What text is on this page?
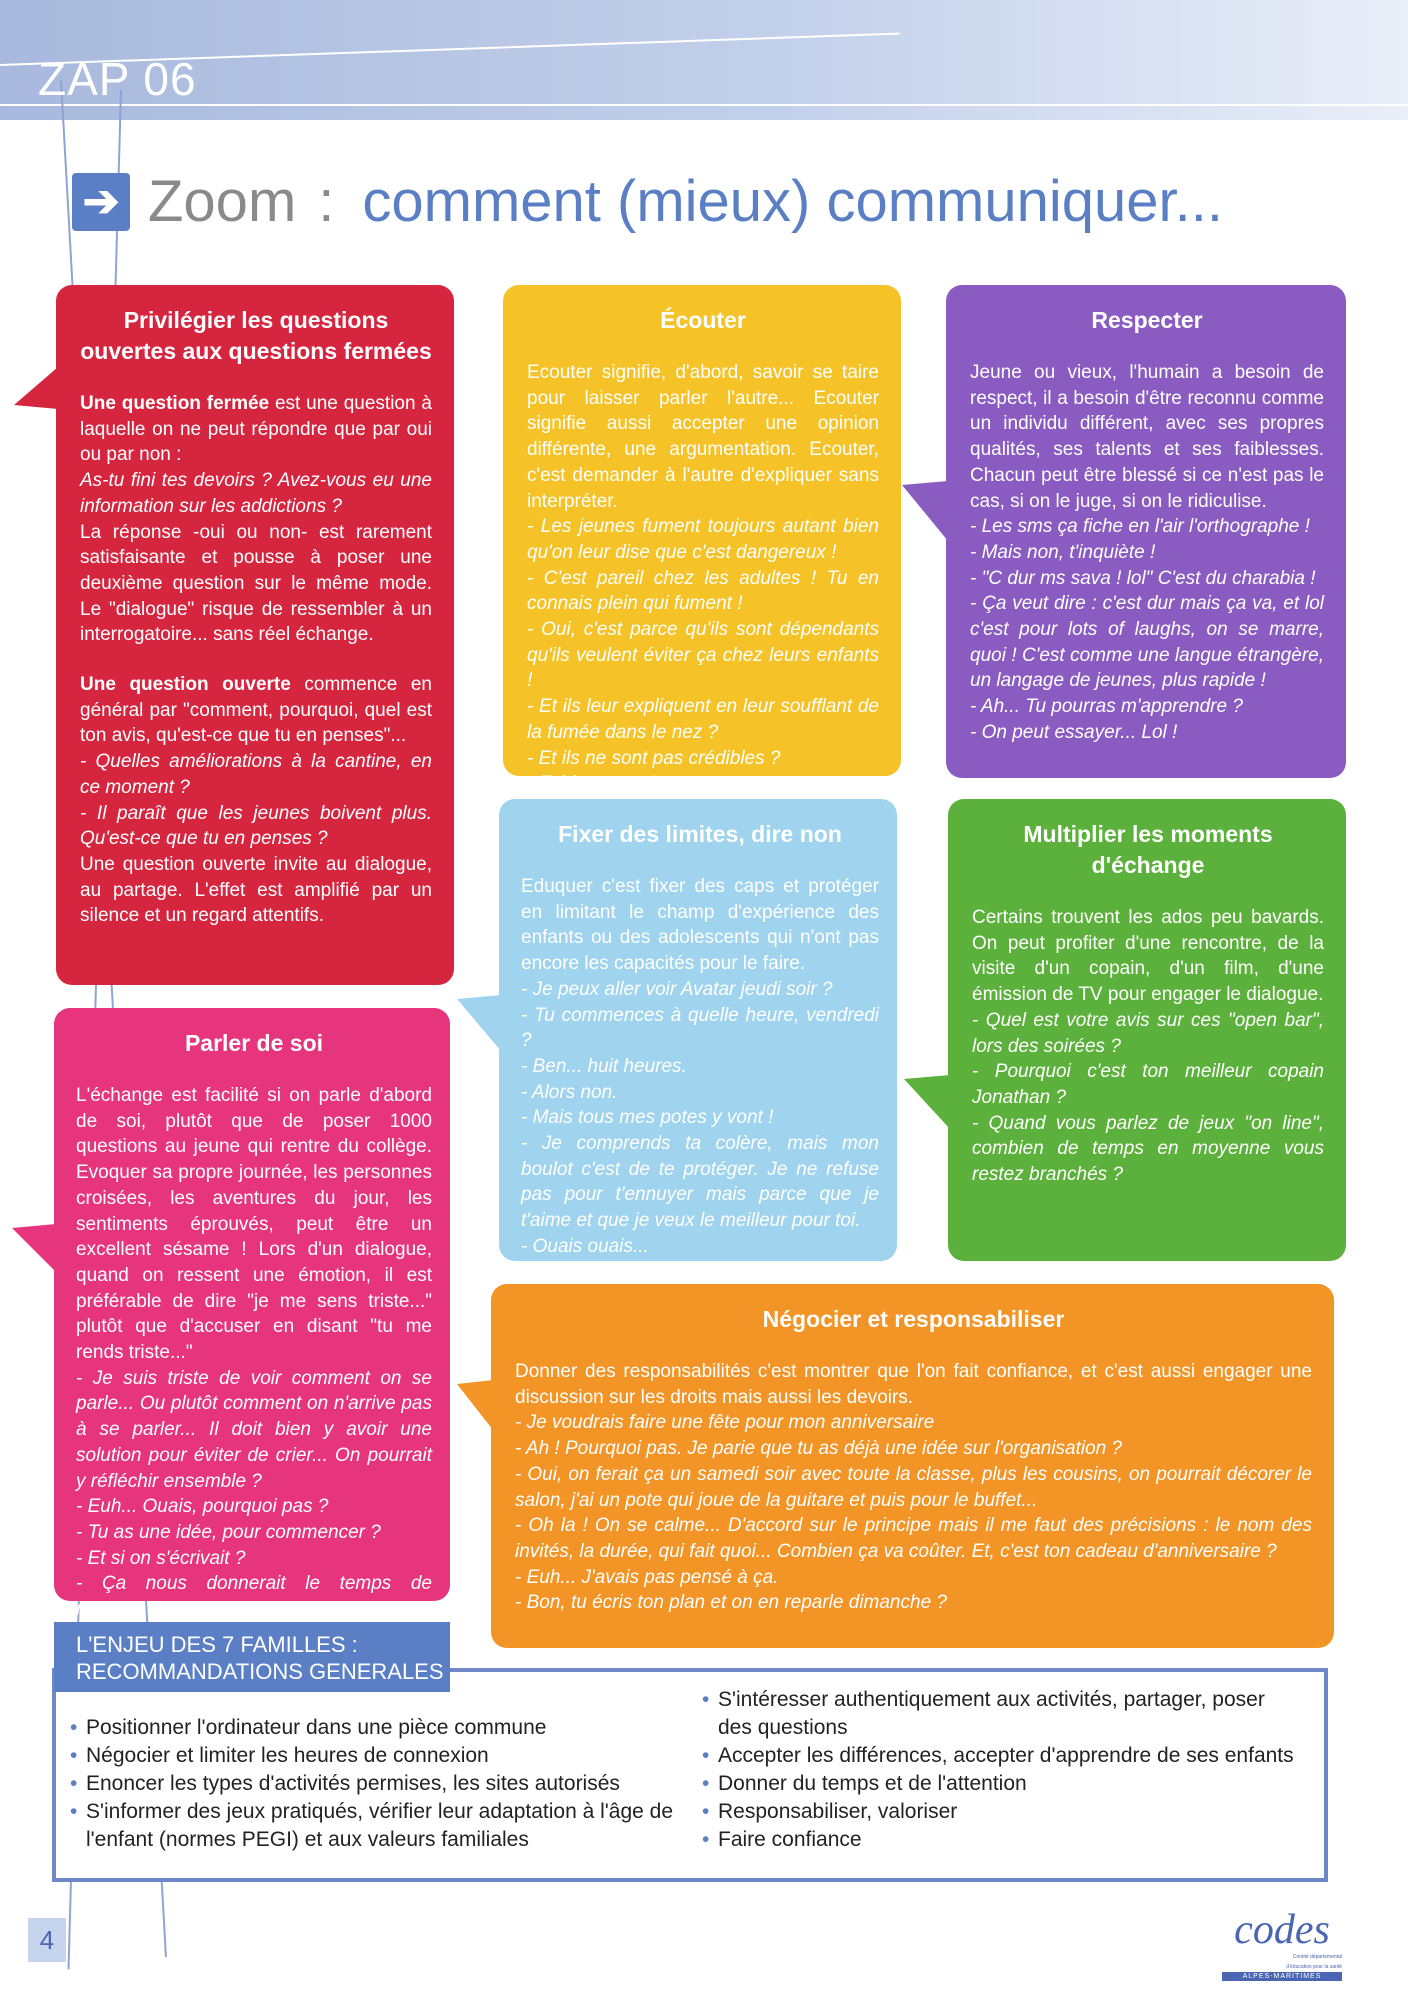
ZAP 06
➔ Zoom : comment (mieux) communiquer...
Privilégier les questions ouvertes aux questions fermées

Une question fermée est une question à laquelle on ne peut répondre que par oui ou par non :

As-tu fini tes devoirs ? Avez-vous eu une information sur les addictions ?

La réponse -oui ou non- est rarement satisfaisante et pousse à poser une deuxième question sur le même mode. Le "dialogue" risque de ressembler à un interrogatoire... sans réel échange.

Une question ouverte commence en général par "comment, pourquoi, quel est ton avis, qu'est-ce que tu en penses"...

- Quelles améliorations à la cantine, en ce moment ?

- Il paraît que les jeunes boivent plus. Qu'est-ce que tu en penses ?

Une question ouverte invite au dialogue, au partage. L'effet est amplifié par un silence et un regard attentifs.

Écouter

Ecouter signifie, d'abord, savoir se taire pour laisser parler l'autre... Ecouter signifie aussi accepter une opinion différente, une argumentation. Ecouter, c'est demander à l'autre d'expliquer sans interpréter.

- Les jeunes fument toujours autant bien qu'on leur dise que c'est dangereux !

- C'est pareil chez les adultes ! Tu en connais plein qui fument !

- Oui, c'est parce qu'ils sont dépendants qu'ils veulent éviter ça chez leurs enfants !

- Et ils leur expliquent en leur soufflant de la fumée dans le nez ?

- Et ils ne sont pas crédibles ?

- Evidemment !

Respecter

Jeune ou vieux, l'humain a besoin de respect, il a besoin d'être reconnu comme un individu différent, avec ses propres qualités, ses talents et ses faiblesses. Chacun peut être blessé si ce n'est pas le cas, si on le juge, si on le ridiculise.

- Les sms ça fiche en l'air l'orthographe !

- Mais non, t'inquiète !

- "C dur ms sava ! lol" C'est du charabia !

- Ça veut dire : c'est dur mais ça va, et lol c'est pour lots of laughs, on se marre, quoi ! C'est comme une langue étrangère, un langage de jeunes, plus rapide !

- Ah... Tu pourras m'apprendre ?

- On peut essayer... Lol !

Fixer des limites, dire non

Eduquer c'est fixer des caps et protéger en limitant le champ d'expérience des enfants ou des adolescents qui n'ont pas encore les capacités pour le faire.

- Je peux aller voir Avatar jeudi soir ?

- Tu commences à quelle heure, vendredi ?

- Ben... huit heures.

- Alors non.

- Mais tous mes potes y vont !

- Je comprends ta colère, mais mon boulot c'est de te protéger. Je ne refuse pas pour t'ennuyer mais parce que je t'aime et que je veux le meilleur pour toi.

- Ouais ouais...

Multiplier les moments d'échange

Certains trouvent les ados peu bavards. On peut profiter d'une rencontre, de la visite d'un copain, d'un film, d'une émission de TV pour engager le dialogue.

- Quel est votre avis sur ces "open bar", lors des soirées ?

- Pourquoi c'est ton meilleur copain Jonathan ?

- Quand vous parlez de jeux "on line", combien de temps en moyenne vous restez branchés ?

Parler de soi

L'échange est facilité si on parle d'abord de soi, plutôt que de poser 1000 questions au jeune qui rentre du collège. Evoquer sa propre journée, les personnes croisées, les aventures du jour, les sentiments éprouvés, peut être un excellent sésame ! Lors d'un dialogue, quand on ressent une émotion, il est préférable de dire "je me sens triste..." plutôt que d'accuser en disant "tu me rends triste..."

- Je suis triste de voir comment on se parle... Ou plutôt comment on n'arrive pas à se parler... Il doit bien y avoir une solution pour éviter de crier... On pourrait y réfléchir ensemble ?

- Euh... Ouais, pourquoi pas ?

- Tu as une idée, pour commencer ?

- Et si on s'écrivait ?

- Ça nous donnerait le temps de réfléchir...

Négocier et responsabiliser

Donner des responsabilités c'est montrer que l'on fait confiance, et c'est aussi engager une discussion sur les droits mais aussi les devoirs.

- Je voudrais faire une fête pour mon anniversaire

- Ah ! Pourquoi pas. Je parie que tu as déjà une idée sur l'organisation ?

- Oui, on ferait ça un samedi soir avec toute la classe, plus les cousins, on pourrait décorer le salon, j'ai un pote qui joue de la guitare et puis pour le buffet...

- Oh la ! On se calme... D'accord sur le principe mais il me faut des précisions : le nom des invités, la durée, qui fait quoi... Combien ça va coûter. Et, c'est ton cadeau d'anniversaire ?

- Euh... J'avais pas pensé à ça.

- Bon, tu écris ton plan et on en reparle dimanche ?

• Positionner l'ordinateur dans une pièce commune
• Négocier et limiter les heures de connexion
• Enoncer les types d'activités permises, les sites autorisés
• S'informer des jeux pratiqués, vérifier leur adaptation à l'âge de l'enfant (normes PEGI) et aux valeurs familiales
• S'intéresser authentiquement aux activités, partager, poser des questions
• Accepter les différences, accepter d'apprendre de ses enfants
• Donner du temps et de l'attention
• Responsabiliser, valoriser
• Faire confiance
L'ENJEU DES 7 FAMILLES :
RECOMMANDATIONS GENERALES
4	codes
Comité départemental
d'éducation pour la santé
ALPES-MARITIMES
